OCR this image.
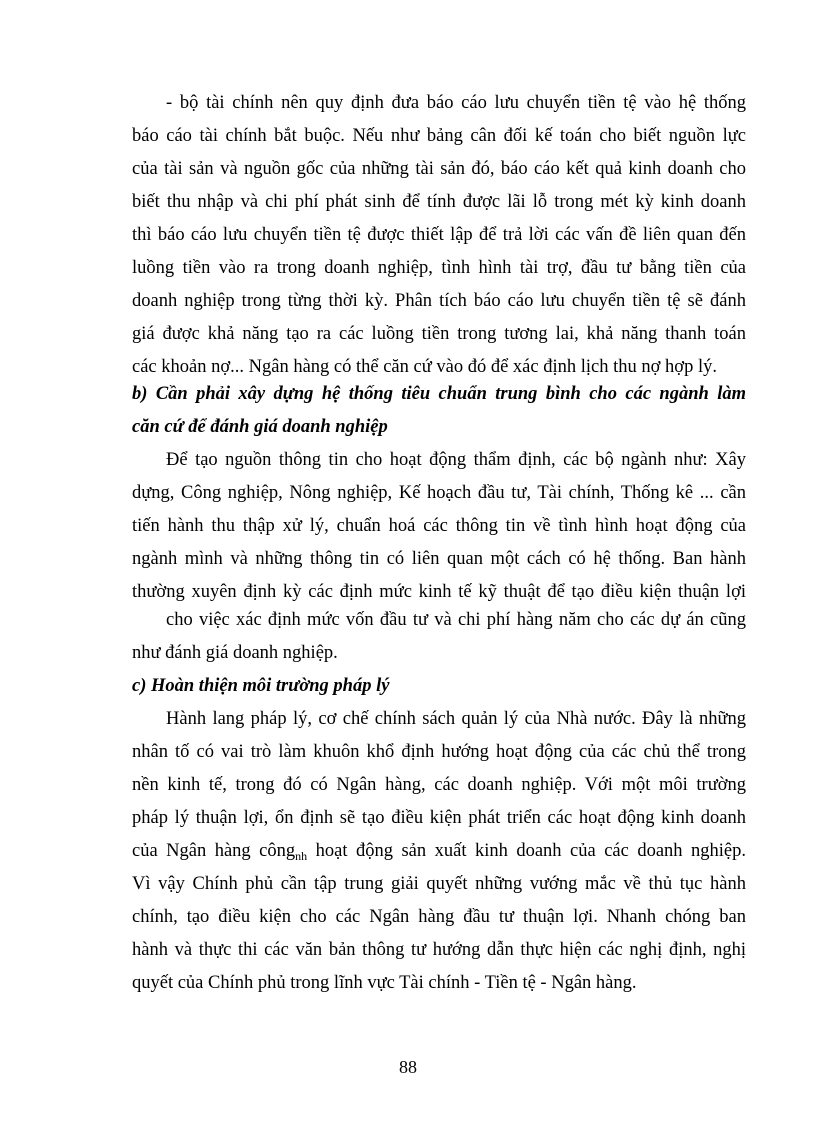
- bộ tài chính nên quy định đưa báo cáo lưu chuyển tiền tệ vào hệ thống
báo cáo tài chính bắt buộc. Nếu như bảng cân đối kế toán cho biết nguồn lực
của tài sản và nguồn gốc của những tài sản đó, báo cáo kết quả kinh doanh cho
biết thu nhập và chi phí phát sinh để tính được lãi lỗ trong mét kỳ kinh doanh
thì báo cáo lưu chuyển tiền tệ được thiết lập để trả lời các vấn đề liên quan đến
luồng tiền vào ra trong doanh nghiệp, tình hình tài trợ, đầu tư bằng tiền của
doanh nghiệp trong từng thời kỳ. Phân tích báo cáo lưu chuyển tiền tệ sẽ đánh
giá được khả năng tạo ra các luồng tiền trong tương lai, khả năng thanh toán
các khoản nợ... Ngân hàng có thể căn cứ vào đó để xác định lịch thu nợ hợp lý.
b) Cần phải xây dựng hệ thống tiêu chuẩn trung bình cho các ngành làm
căn cứ để đánh giá doanh nghiệp
Để tạo nguồn thông tin cho hoạt động thẩm định, các bộ ngành như: Xây
dựng, Công nghiệp, Nông nghiệp, Kế hoạch đầu tư, Tài chính, Thống kê ... cần
tiến hành thu thập xử lý, chuẩn hoá các thông tin về tình hình hoạt động của
ngành mình và những thông tin có liên quan một cách có hệ thống. Ban hành
thường xuyên định kỳ các định mức kinh tế kỹ thuật để tạo điều kiện thuận lợi
cho việc xác định mức vốn đầu tư và chi phí hàng năm cho các dự án cũng
như đánh giá doanh nghiệp.
c) Hoàn thiện môi trường pháp lý
Hành lang pháp lý, cơ chế chính sách quản lý của Nhà nước. Đây là những
nhân tố có vai trò làm khuôn khổ định hướng hoạt động của các chủ thể trong
nền kinh tế, trong đó có Ngân hàng, các doanh nghiệp. Với một môi trường
pháp lý thuận lợi, ổn định sẽ tạo điều kiện phát triển các hoạt động kinh doanh
của Ngân hàng công$_{nh}$ hoạt động sản xuất kinh doanh của các doanh nghiệp.
Vì vậy Chính phủ cần tập trung giải quyết những vướng mắc về thủ tục hành
chính, tạo điều kiện cho các Ngân hàng đầu tư thuận lợi. Nhanh chóng ban
hành và thực thi các văn bản thông tư hướng dẫn thực hiện các nghị định, nghị
quyết của Chính phủ trong lĩnh vực Tài chính - Tiền tệ - Ngân hàng.
88
